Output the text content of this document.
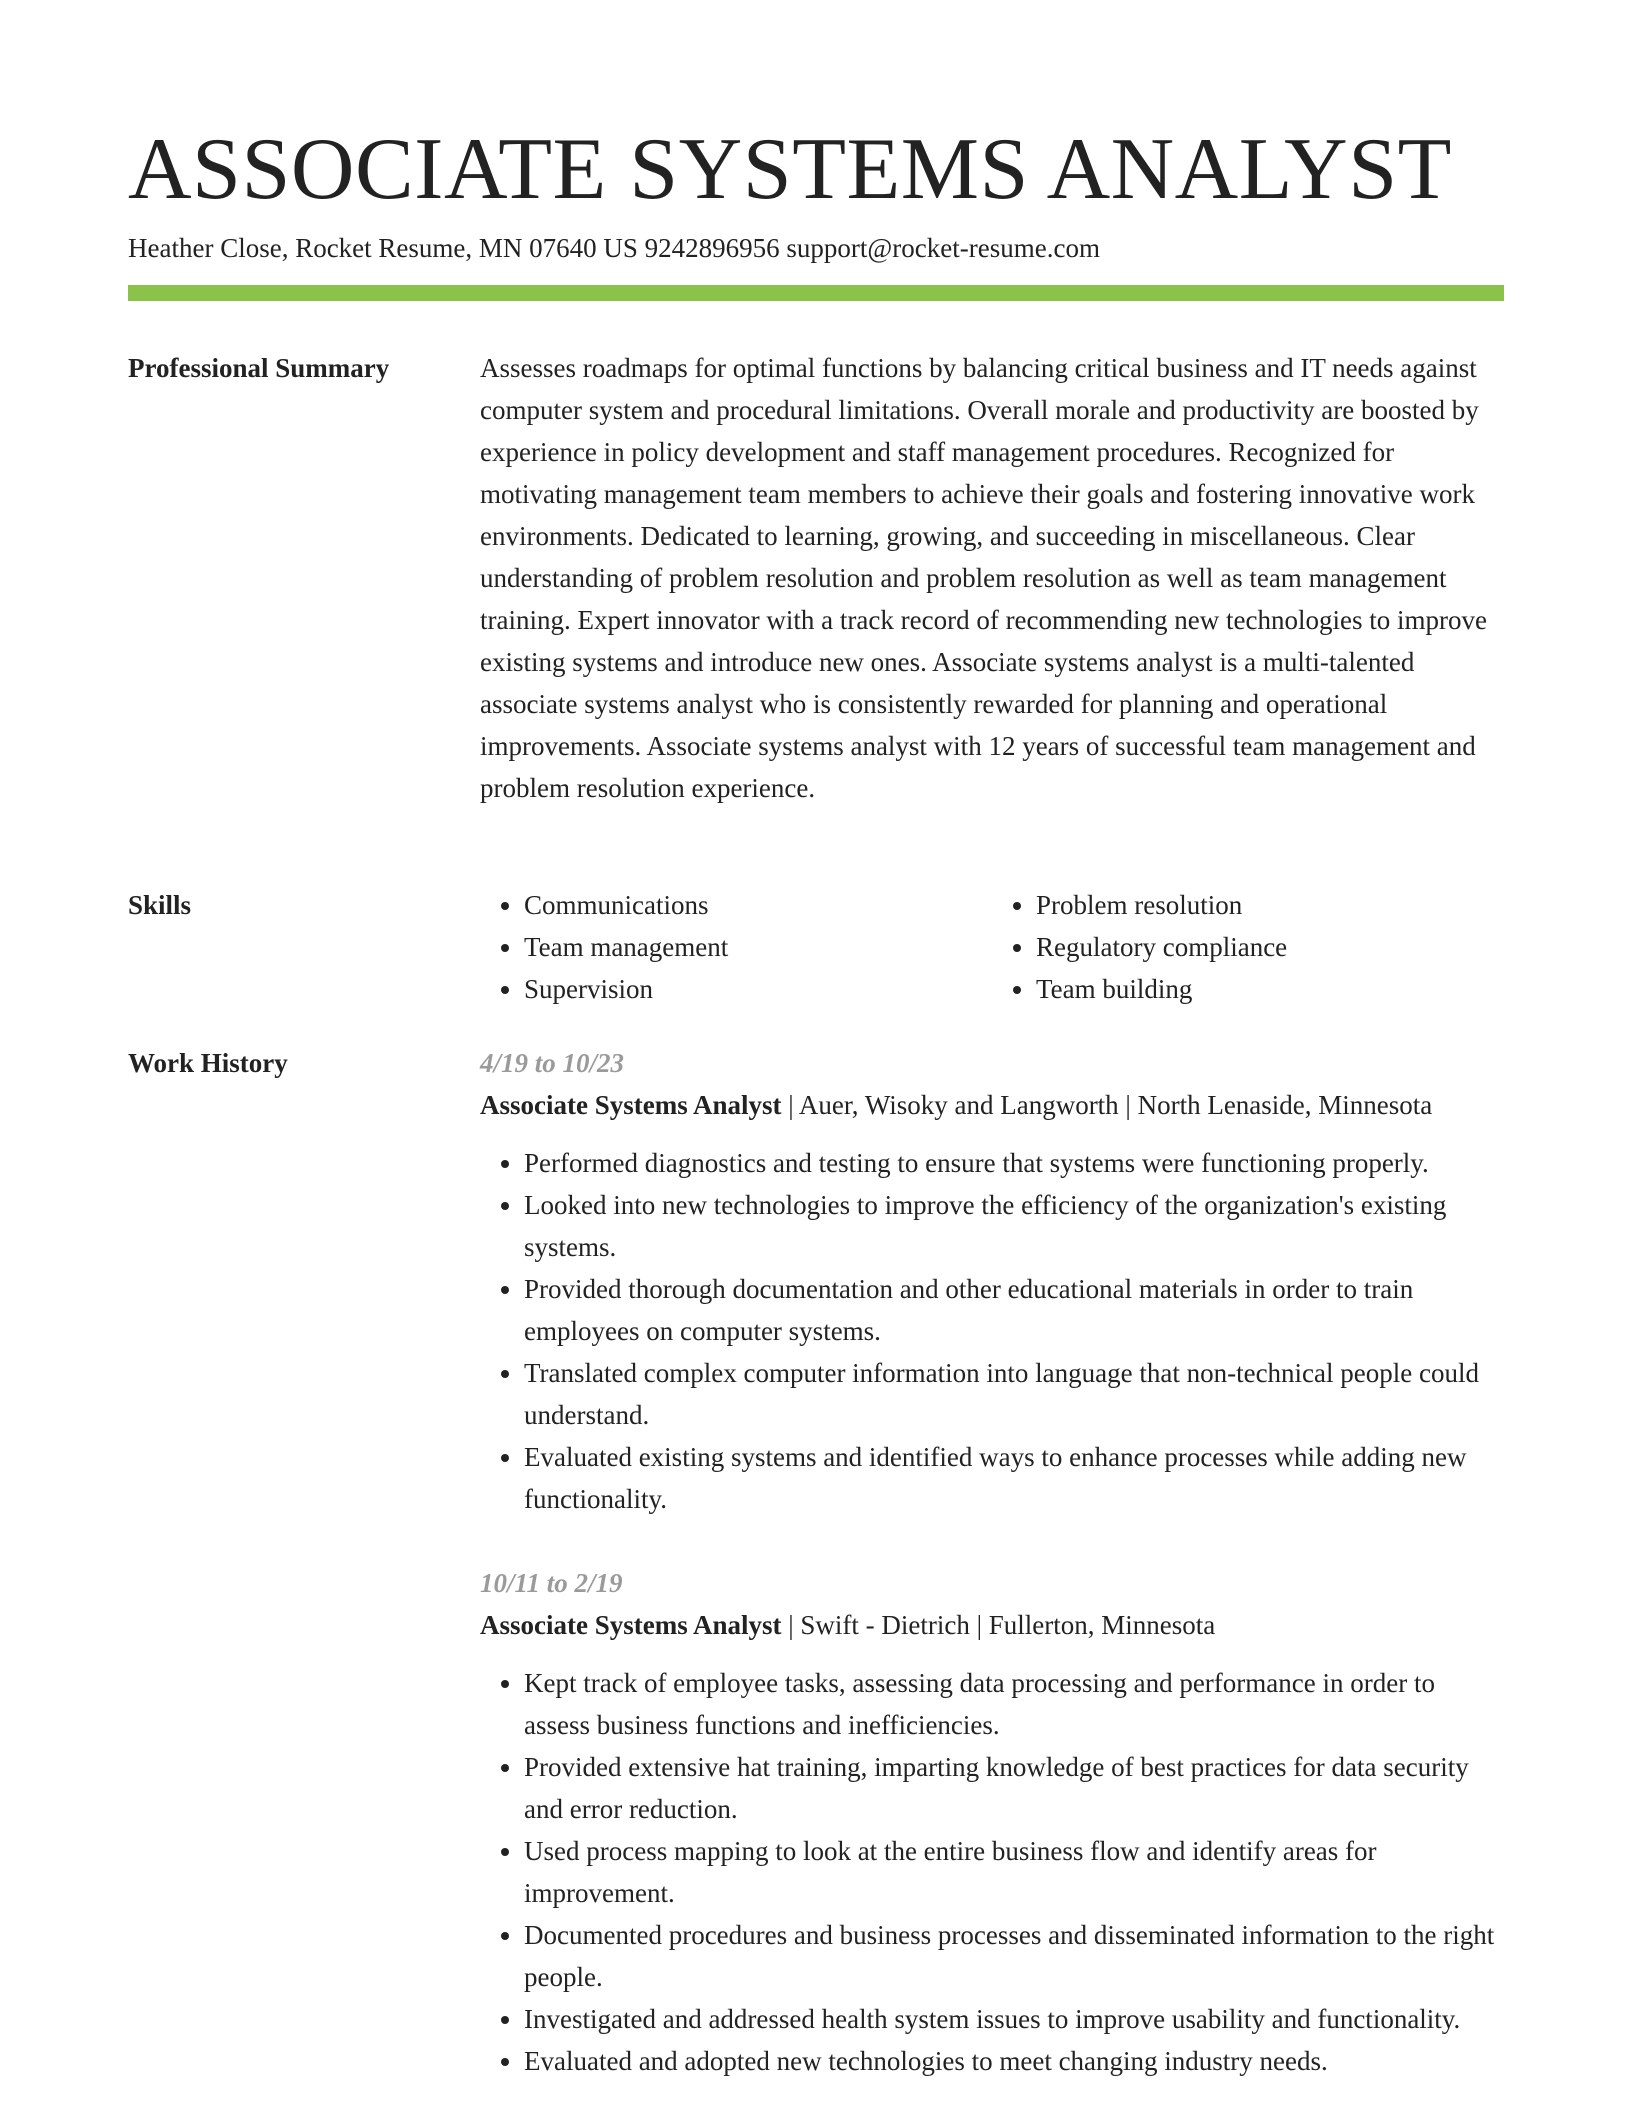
ASSOCIATE SYSTEMS ANALYST
Heather Close, Rocket Resume, MN 07640 US 9242896956 support@rocket-resume.com
Professional Summary	Assesses roadmaps for optimal functions by balancing critical business and IT needs against computer system and procedural limitations. Overall morale and productivity are boosted by experience in policy development and staff management procedures. Recognized for motivating management team members to achieve their goals and fostering innovative work environments. Dedicated to learning, growing, and succeeding in miscellaneous. Clear understanding of problem resolution and problem resolution as well as team management training. Expert innovator with a track record of recommending new technologies to improve existing systems and introduce new ones. Associate systems analyst is a multi-talented associate systems analyst who is consistently rewarded for planning and operational improvements. Associate systems analyst with 12 years of successful team management and problem resolution experience.

Skills
•	Communications
• Team management
• Supervision
• Problem resolution
• Regulatory compliance
• Team building
Work History	4/19 to 10/23
Associate Systems Analyst | Auer, Wisoky and Langworth | North Lenaside, Minnesota
• Performed diagnostics and testing to ensure that systems were functioning properly.
• Looked into new technologies to improve the efficiency of the organization's existing systems.
• Provided thorough documentation and other educational materials in order to train employees on computer systems.
• Translated complex computer information into language that non-technical people could understand.
• Evaluated existing systems and identified ways to enhance processes while adding new functionality.
10/11 to 2/19
Associate Systems Analyst | Swift - Dietrich | Fullerton, Minnesota
• Kept track of employee tasks, assessing data processing and performance in order to assess business functions and inefficiencies.
• Provided extensive hat training, imparting knowledge of best practices for data security and error reduction.
• Used process mapping to look at the entire business flow and identify areas for improvement.
• Documented procedures and business processes and disseminated information to the right people.
• Investigated and addressed health system issues to improve usability and functionality.
• Evaluated and adopted new technologies to meet changing industry needs.
